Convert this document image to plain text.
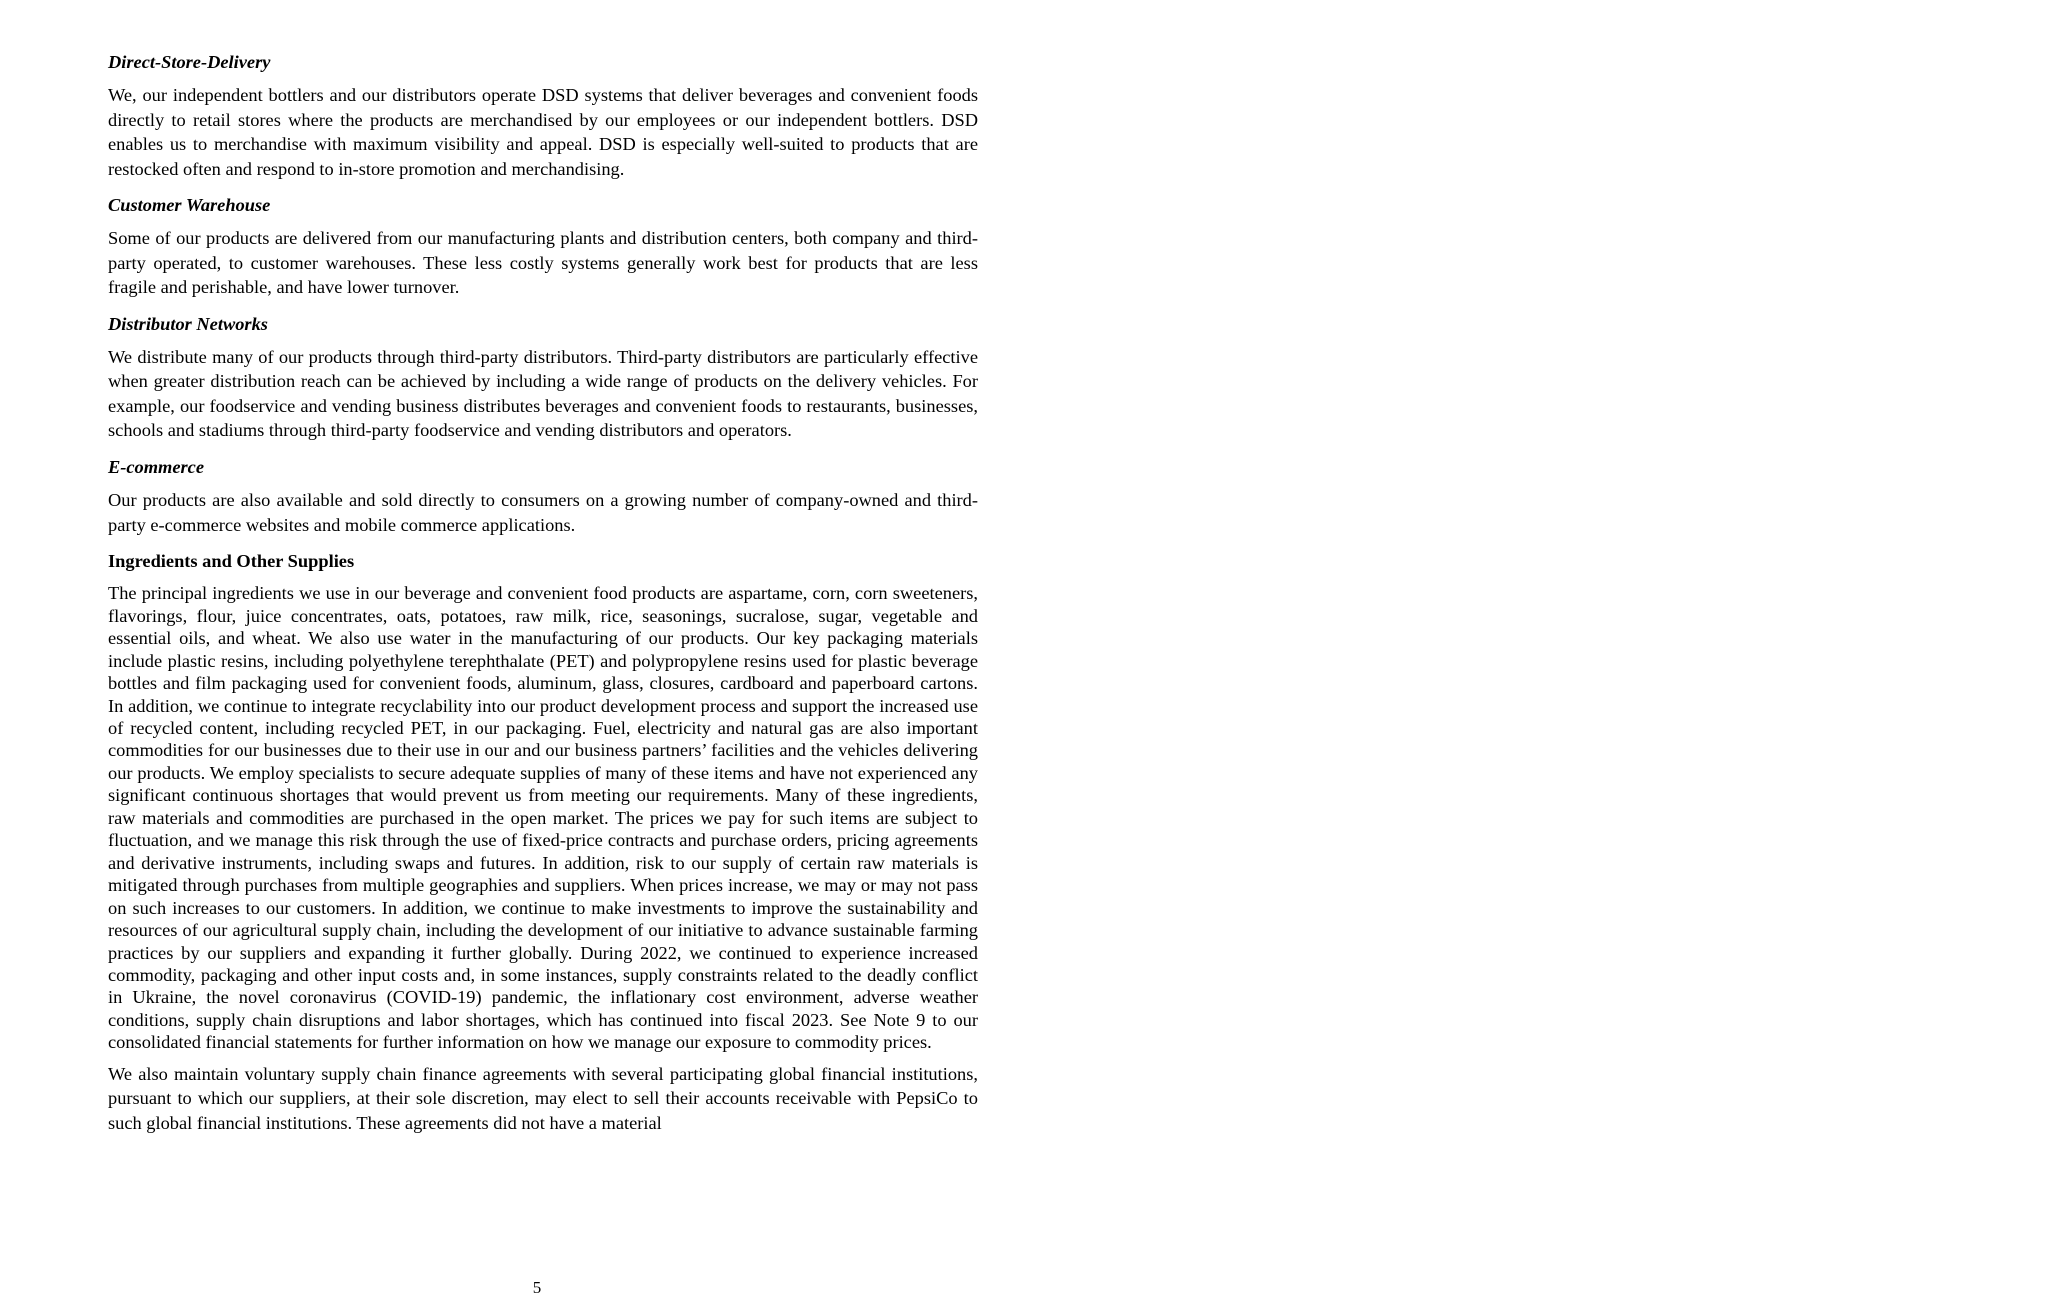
Direct-Store-Delivery

We, our independent bottlers and our distributors operate DSD systems that deliver beverages and convenient foods directly to retail stores where the products are merchandised by our employees or our independent bottlers. DSD enables us to merchandise with maximum visibility and appeal. DSD is especially well-suited to products that are restocked often and respond to in-store promotion and merchandising.

Customer Warehouse

Some of our products are delivered from our manufacturing plants and distribution centers, both company and third-party operated, to customer warehouses. These less costly systems generally work best for products that are less fragile and perishable, and have lower turnover.

Distributor Networks

We distribute many of our products through third-party distributors. Third-party distributors are particularly effective when greater distribution reach can be achieved by including a wide range of products on the delivery vehicles. For example, our foodservice and vending business distributes beverages and convenient foods to restaurants, businesses, schools and stadiums through third-party foodservice and vending distributors and operators.

E-commerce

Our products are also available and sold directly to consumers on a growing number of company-owned and third-party e-commerce websites and mobile commerce applications.

Ingredients and Other Supplies

The principal ingredients we use in our beverage and convenient food products are aspartame, corn, corn sweeteners, flavorings, flour, juice concentrates, oats, potatoes, raw milk, rice, seasonings, sucralose, sugar, vegetable and essential oils, and wheat. We also use water in the manufacturing of our products. Our key packaging materials include plastic resins, including polyethylene terephthalate (PET) and polypropylene resins used for plastic beverage bottles and film packaging used for convenient foods, aluminum, glass, closures, cardboard and paperboard cartons. In addition, we continue to integrate recyclability into our product development process and support the increased use of recycled content, including recycled PET, in our packaging. Fuel, electricity and natural gas are also important commodities for our businesses due to their use in our and our business partners’ facilities and the vehicles delivering our products. We employ specialists to secure adequate supplies of many of these items and have not experienced any significant continuous shortages that would prevent us from meeting our requirements. Many of these ingredients, raw materials and commodities are purchased in the open market. The prices we pay for such items are subject to fluctuation, and we manage this risk through the use of fixed-price contracts and purchase orders, pricing agreements and derivative instruments, including swaps and futures. In addition, risk to our supply of certain raw materials is mitigated through purchases from multiple geographies and suppliers. When prices increase, we may or may not pass on such increases to our customers. In addition, we continue to make investments to improve the sustainability and resources of our agricultural supply chain, including the development of our initiative to advance sustainable farming practices by our suppliers and expanding it further globally. During 2022, we continued to experience increased commodity, packaging and other input costs and, in some instances, supply constraints related to the deadly conflict in Ukraine, the novel coronavirus (COVID-19) pandemic, the inflationary cost environment, adverse weather conditions, supply chain disruptions and labor shortages, which has continued into fiscal 2023. See Note 9 to our consolidated financial statements for further information on how we manage our exposure to commodity prices.

We also maintain voluntary supply chain finance agreements with several participating global financial institutions, pursuant to which our suppliers, at their sole discretion, may elect to sell their accounts receivable with PepsiCo to such global financial institutions. These agreements did not have a material

5
